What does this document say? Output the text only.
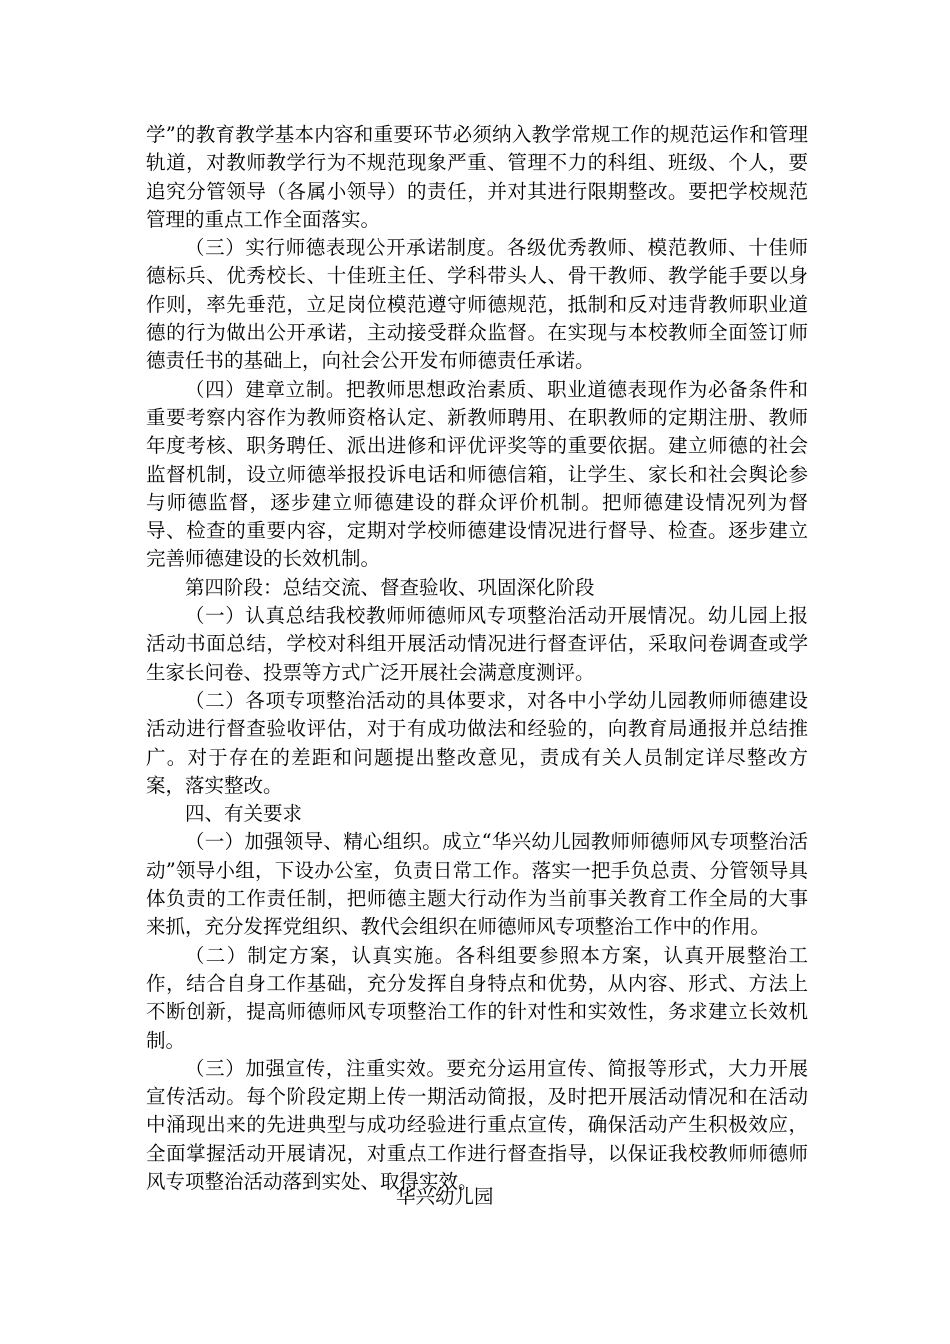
学”的教育教学基本内容和重要环节必须纳入教学常规工作的规范运作和管理轨道，对教师教学行为不规范现象严重、管理不力的科组、班级、个人，要追究分管领导（各属小领导）的责任，并对其进行限期整改。要把学校规范管理的重点工作全面落实。

（三）实行师德表现公开承诺制度。各级优秀教师、模范教师、十佳师德标兵、优秀校长、十佳班主任、学科带头人、骨干教师、教学能手要以身作则，率先垂范，立足岗位模范遵守师德规范，抵制和反对违背教师职业道德的行为做出公开承诺，主动接受群众监督。在实现与本校教师全面签订师德责任书的基础上，向社会公开发布师德责任承诺。

（四）建章立制。把教师思想政治素质、职业道德表现作为必备条件和重要考察内容作为教师资格认定、新教师聘用、在职教师的定期注册、教师年度考核、职务聘任、派出进修和评优评奖等的重要依据。建立师德的社会监督机制，设立师德举报投诉电话和师德信箱，让学生、家长和社会舆论参与师德监督，逐步建立师德建设的群众评价机制。把师德建设情况列为督导、检查的重要内容，定期对学校师德建设情况进行督导、检查。逐步建立完善师德建设的长效机制。

第四阶段：总结交流、督查验收、巩固深化阶段

（一）认真总结我校教师师德师风专项整治活动开展情况。幼儿园上报活动书面总结，学校对科组开展活动情况进行督查评估，采取问卷调查或学生家长问卷、投票等方式广泛开展社会满意度测评。

（二）各项专项整治活动的具体要求，对各中小学幼儿园教师师德建设活动进行督查验收评估，对于有成功做法和经验的，向教育局通报并总结推广。对于存在的差距和问题提出整改意见，责成有关人员制定详尽整改方案，落实整改。

四、有关要求

（一）加强领导、精心组织。成立“华兴幼儿园教师师德师风专项整治活动”领导小组，下设办公室，负责日常工作。落实一把手负总责、分管领导具体负责的工作责任制，把师德主题大行动作为当前事关教育工作全局的大事来抓，充分发挥党组织、教代会组织在师德师风专项整治工作中的作用。

（二）制定方案，认真实施。各科组要参照本方案，认真开展整治工作，结合自身工作基础，充分发挥自身特点和优势，从内容、形式、方法上不断创新，提高师德师风专项整治工作的针对性和实效性，务求建立长效机制。

（三）加强宣传，注重实效。要充分运用宣传、简报等形式，大力开展宣传活动。每个阶段定期上传一期活动简报，及时把开展活动情况和在活动中涌现出来的先进典型与成功经验进行重点宣传，确保活动产生积极效应，全面掌握活动开展请况，对重点工作进行督查指导，以保证我校教师师德师风专项整治活动落到实处、取得实效。

华兴幼儿园
